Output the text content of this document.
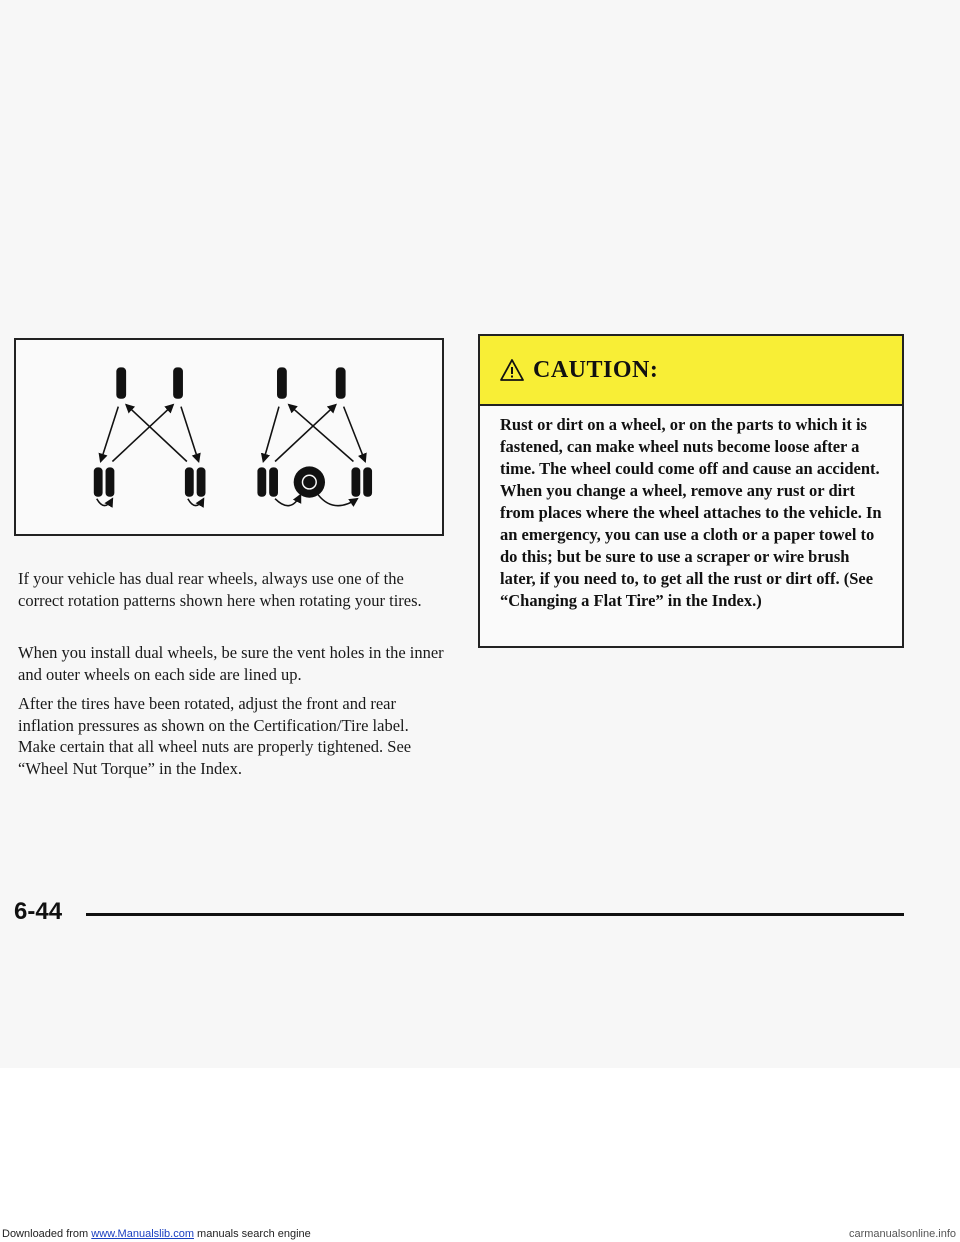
If your vehicle has dual rear wheels, always use one of the correct rotation patterns shown here when rotating your tires.

When you install dual wheels, be sure the vent holes in the inner and outer wheels on each side are lined up.

After the tires have been rotated, adjust the front and rear inflation pressures as shown on the Certification/Tire label. Make certain that all wheel nuts are properly tightened. See “Wheel Nut Torque” in the Index.

CAUTION:
Rust or dirt on a wheel, or on the parts to which it is fastened, can make wheel nuts become loose after a time. The wheel could come off and cause an accident. When you change a wheel, remove any rust or dirt from places where the wheel attaches to the vehicle. In an emergency, you can use a cloth or a paper towel to do this; but be sure to use a scraper or wire brush later, if you need to, to get all the rust or dirt off. (See “Changing a Flat Tire” in the Index.)
6-44
Downloaded from www.Manualslib.com manuals search engine	carmanualsonline.info
